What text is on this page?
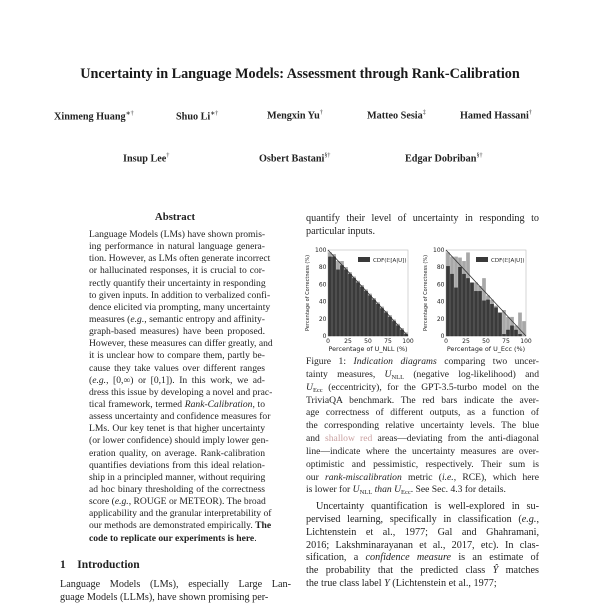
Uncertainty in Language Models: Assessment through Rank-Calibration
Xinmeng Huang∗†	Shuo Li∗†	Mengxin Yu†	Matteo Sesia‡	Hamed Hassani†
Insup Lee†	Osbert Bastani§†	Edgar Dobriban§†
Abstract
Language Models (LMs) have shown promis-
ing performance in natural language genera-
tion. However, as LMs often generate incorrect
or hallucinated responses, it is crucial to cor-
rectly quantify their uncertainty in responding
to given inputs. In addition to verbalized confi-
dence elicited via prompting, many uncertainty
measures (e.g., semantic entropy and affinity-
graph-based measures) have been proposed.
However, these measures can differ greatly, and
it is unclear how to compare them, partly be-
cause they take values over different ranges
(e.g., [0,∞) or [0,1]). In this work, we ad-
dress this issue by developing a novel and prac-
tical framework, termed Rank-Calibration, to
assess uncertainty and confidence measures for
LMs. Our key tenet is that higher uncertainty
(or lower confidence) should imply lower gen-
eration quality, on average. Rank-calibration
quantifies deviations from this ideal relation-
ship in a principled manner, without requiring
ad hoc binary thresholding of the correctness
score (e.g., ROUGE or METEOR). The broad
applicability and the granular interpretability of
our methods are demonstrated empirically. The
code to replicate our experiments is here.
1 Introduction
Language Models (LMs), especially Large Lan-
guage Models (LLMs), have shown promising per-
quantify their level of uncertainty in responding to
particular inputs.
0
20
40
60
80
100
0 25 50 75 100
Percentage of U_NLL (%)
Percentage of Correctness (%)	CDF(𝔼[A|U])
0
20
40
60
80
100
0 25 50 75 100
Percentage of U_Ecc (%)
Percentage of Correctness (%)	CDF(𝔼[A|U])
Figure 1: Indication diagrams comparing two uncer-
tainty measures, $U_{NLL}$ (negative log-likelihood) and
$U_{Ecc}$ (eccentricity), for the GPT-3.5-turbo model on the
TriviaQA benchmark. The red bars indicate the aver-
age correctness of different outputs, as a function of
the corresponding relative uncertainty levels. The blue
and shallow red areas—deviating from the anti-diagonal
line—indicate where the uncertainty measures are over-
optimistic and pessimistic, respectively. Their sum is
our rank-miscalibration metric (i.e., RCE), which here
is lower for $U_{NLL}$ than $U_{Ecc}$. See Sec. 4.3 for details.
Uncertainty quantification is well-explored in su-
pervised learning, specifically in classification (e.g.,
Lichtenstein et al., 1977; Gal and Ghahramani,
2016; Lakshminarayanan et al., 2017, etc). In clas-
sification, a confidence measure is an estimate of
the probability that the predicted class Ŷ matches
the true class label Y (Lichtenstein et al., 1977;
